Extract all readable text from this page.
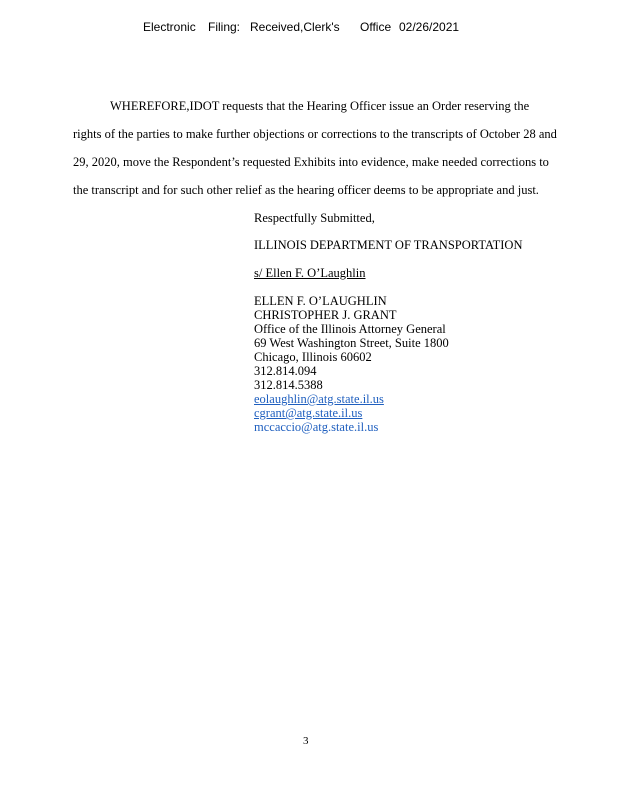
Electronic Filing: Received,Clerk's Office 02/26/2021
WHEREFORE,IDOT requests that the Hearing Officer issue an Order reserving the
rights of the parties to make further objections or corrections to the transcripts of October 28 and
29, 2020, move the Respondent’s requested Exhibits into evidence, make needed corrections to
the transcript and for such other relief as the hearing officer deems to be appropriate and just.
Respectfully Submitted,
ILLINOIS DEPARTMENT OF TRANSPORTATION
s/ Ellen F. O’Laughlin
ELLEN F. O’LAUGHLIN
CHRISTOPHER J. GRANT
Office of the Illinois Attorney General
69 West Washington Street, Suite 1800
Chicago, Illinois 60602
312.814.094
312.814.5388
eolaughlin@atg.state.il.us
cgrant@atg.state.il.us
mccaccio@atg.state.il.us
3
